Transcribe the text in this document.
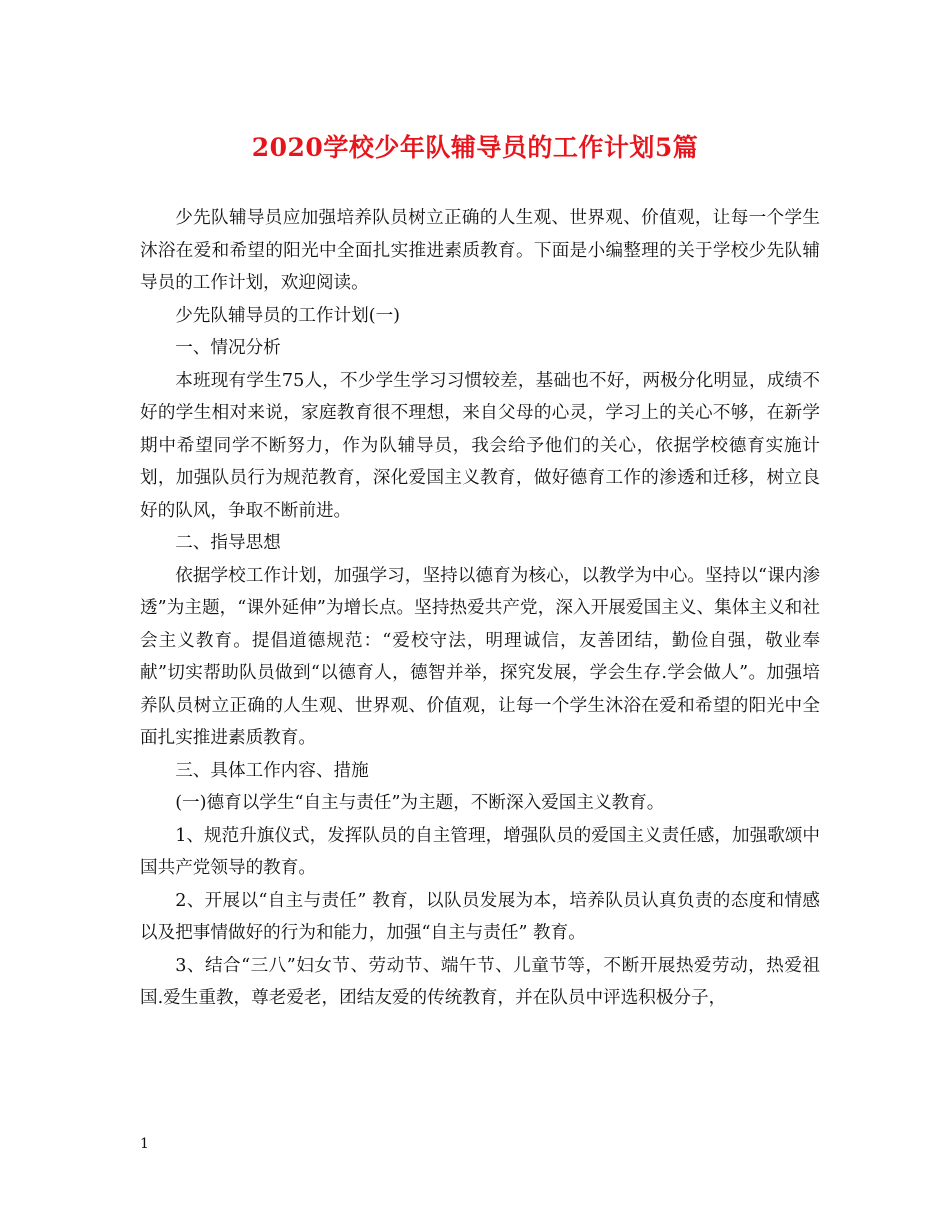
2020学校少年队辅导员的工作计划5篇

少先队辅导员应加强培养队员树立正确的人生观、世界观、价值观，让每一个学生沐浴在爱和希望的阳光中全面扎实推进素质教育。下面是小编整理的关于学校少先队辅导员的工作计划，欢迎阅读。

少先队辅导员的工作计划(一)

一、情况分析

本班现有学生75人，不少学生学习习惯较差，基础也不好，两极分化明显，成绩不好的学生相对来说，家庭教育很不理想，来自父母的心灵，学习上的关心不够，在新学期中希望同学不断努力，作为队辅导员，我会给予他们的关心，依据学校德育实施计划，加强队员行为规范教育，深化爱国主义教育，做好德育工作的渗透和迁移，树立良好的队风，争取不断前进。

二、指导思想

依据学校工作计划，加强学习，坚持以德育为核心，以教学为中心。坚持以“课内渗透”为主题，“课外延伸”为增长点。坚持热爱共产党，深入开展爱国主义、集体主义和社会主义教育。提倡道德规范：“爱校守法，明理诚信，友善团结，勤俭自强，敬业奉献”切实帮助队员做到“以德育人，德智并举，探究发展，学会生存.学会做人”。加强培养队员树立正确的人生观、世界观、价值观，让每一个学生沐浴在爱和希望的阳光中全面扎实推进素质教育。

三、具体工作内容、措施

(一)德育以学生“自主与责任”为主题，不断深入爱国主义教育。

1、规范升旗仪式，发挥队员的自主管理，增强队员的爱国主义责任感，加强歌颂中国共产党领导的教育。

2、开展以“自主与责任” 教育，以队员发展为本，培养队员认真负责的态度和情感以及把事情做好的行为和能力，加强“自主与责任” 教育。

3、结合“三八”妇女节、劳动节、端午节、儿童节等，不断开展热爱劳动，热爱祖国.爱生重教，尊老爱老，团结友爱的传统教育，并在队员中评选积极分子，

1
